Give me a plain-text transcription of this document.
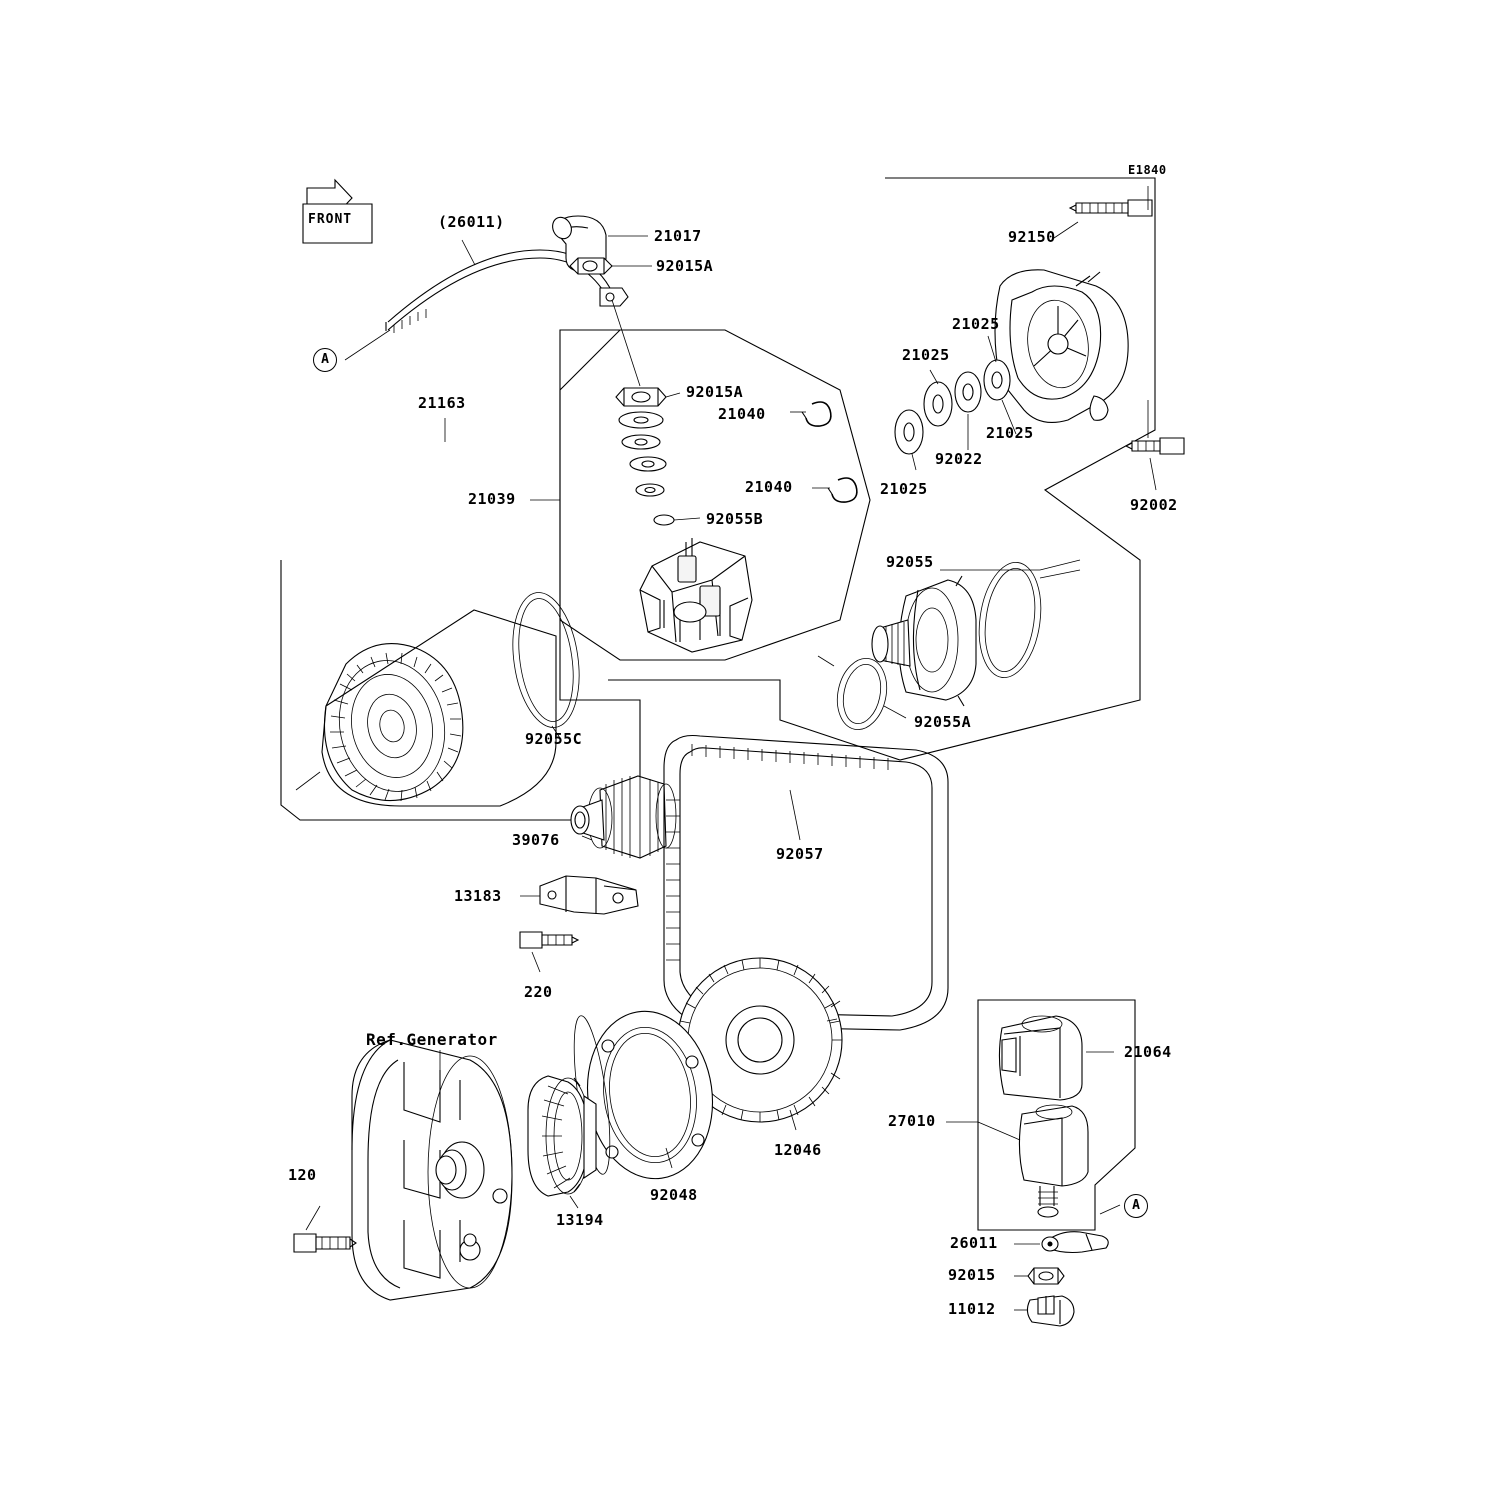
E1840
FRONT
A
A
(26011)
21017
92015A
21163
21039
92015A
21040
21040
92055B
92055C
92150
21025
21025
21025
21025
92022
92002
92055
92055A
39076
92057
13183
220
Ref.Generator
120
13194
92048
12046
21064
27010
26011
92015
11012
